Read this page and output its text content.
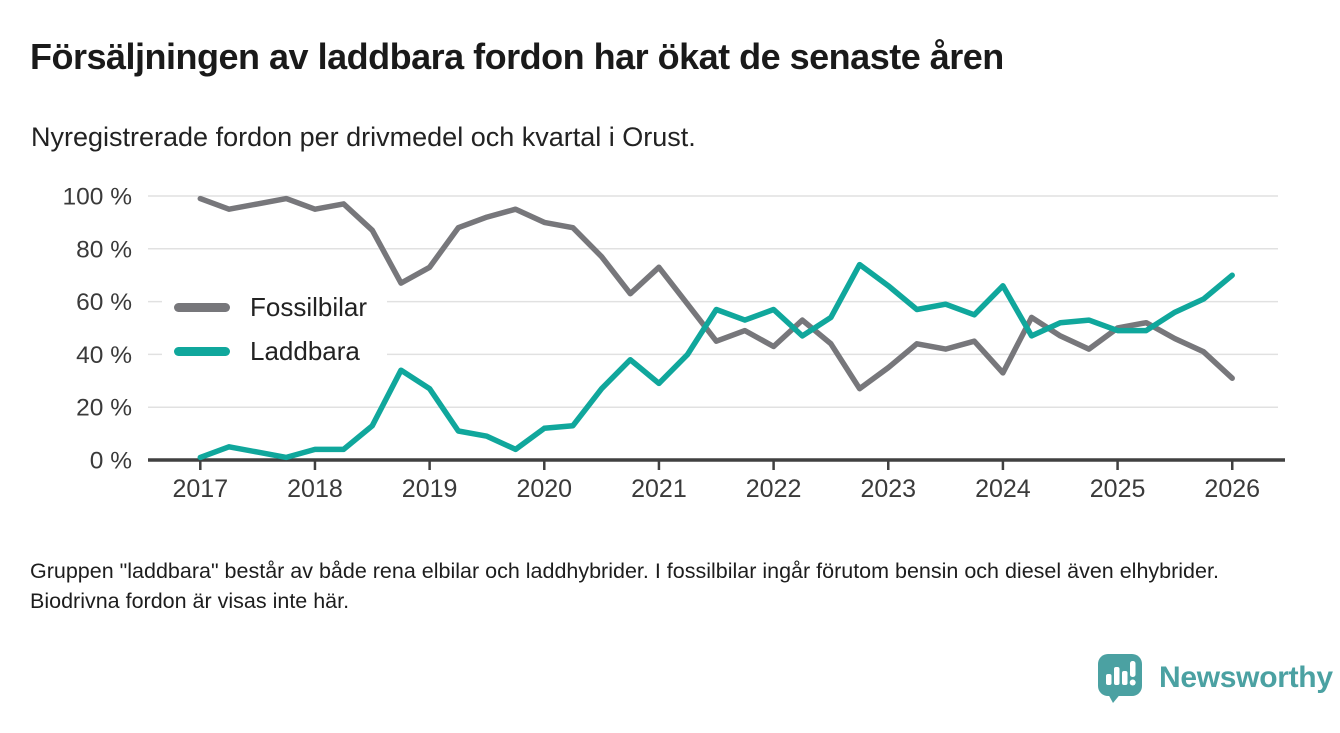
Försäljningen av laddbara fordon har ökat de senaste åren

Nyregistrerade fordon per drivmedel och kvartal i Orust.

0 %
20 %
40 %
60 %
80 %
100 %
2017 2018 2019 2020 2021 2022 2023 2024 2025 2026
Fossilbilar
Laddbara

Gruppen "laddbara" består av både rena elbilar och laddhybrider. I fossilbilar ingår förutom bensin och diesel även elhybrider. Biodrivna fordon är visas inte här.

Newsworthy
